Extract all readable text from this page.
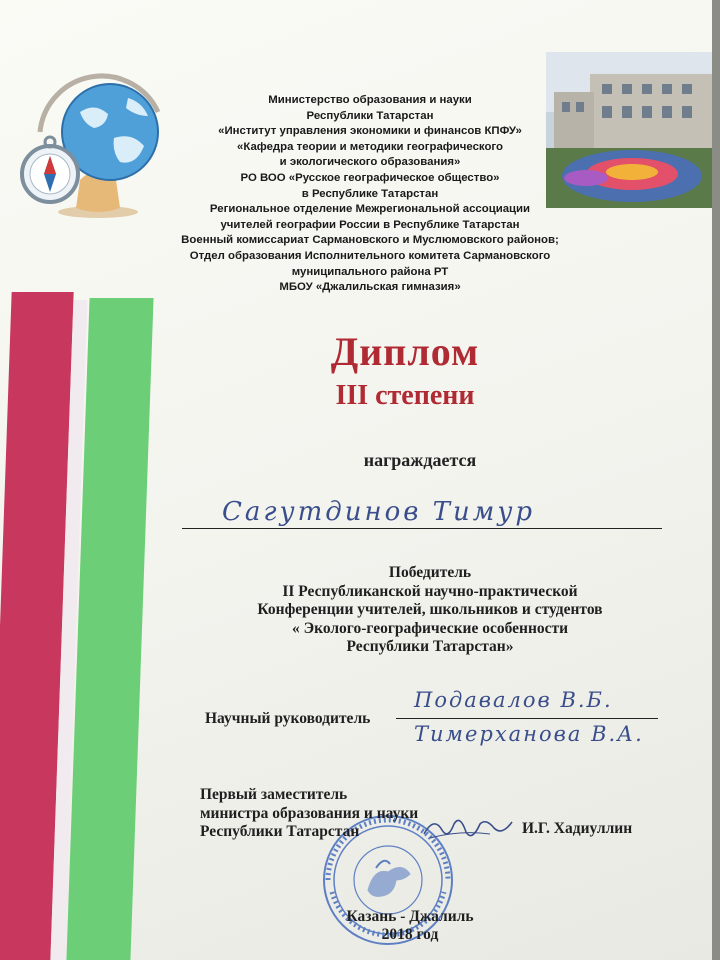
Министерство образования и науки
Республики Татарстан
«Институт управления экономики и финансов КПФУ»
«Кафедра теории и методики географического
и экологического образования»
РО ВОО «Русское географическое общество»
в Республике Татарстан
Региональное отделение Межрегиональной ассоциации
учителей географии России в Республике Татарстан
Военный комиссариат Сармановского и Муслюмовского районов;
Отдел образования Исполнительного комитета Сармановского
муниципального района РТ
МБОУ «Джалильская гимназия»
Диплом
III степени
награждается
Сагутдинов Тимур
Победитель
II Республиканской научно-практической
Конференции учителей, школьников и студентов
« Эколого-географические особенности
Республики Татарстан»
Научный руководитель
Подавалов В.Б.
Тимерханова В.А.
Первый заместитель
министра образования и науки
Республики Татарстан	И.Г. Хадиуллин
Казань - Джалиль
2018 год
